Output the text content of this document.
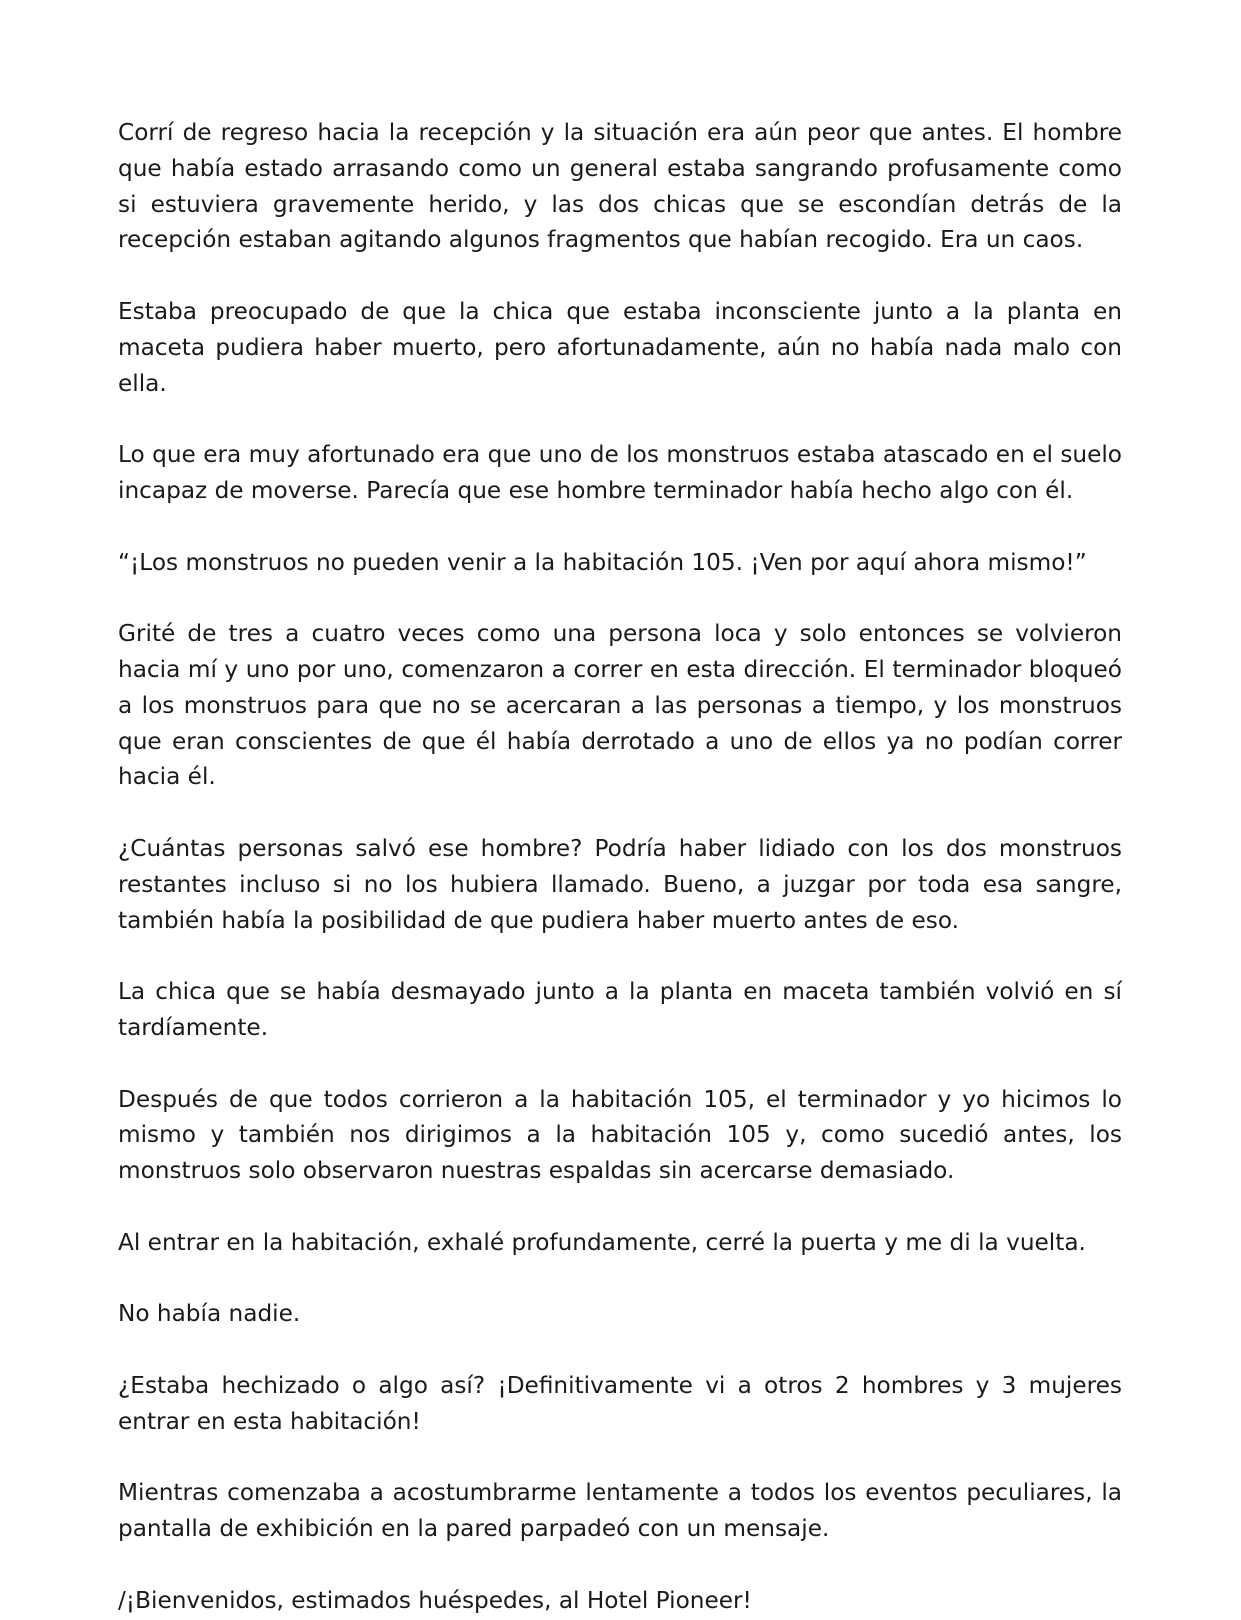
Corrí de regreso hacia la recepción y la situación era aún peor que antes. El hombre que había estado arrasando como un general estaba sangrando profusamente como si estuviera gravemente herido, y las dos chicas que se escondían detrás de la recepción estaban agitando algunos fragmentos que habían recogido. Era un caos.

Estaba preocupado de que la chica que estaba inconsciente junto a la planta en maceta pudiera haber muerto, pero afortunadamente, aún no había nada malo con ella.

Lo que era muy afortunado era que uno de los monstruos estaba atascado en el suelo incapaz de moverse. Parecía que ese hombre terminador había hecho algo con él.

“¡Los monstruos no pueden venir a la habitación 105. ¡Ven por aquí ahora mismo!”

Grité de tres a cuatro veces como una persona loca y solo entonces se volvieron hacia mí y uno por uno, comenzaron a correr en esta dirección. El terminador bloqueó a los monstruos para que no se acercaran a las personas a tiempo, y los monstruos que eran conscientes de que él había derrotado a uno de ellos ya no podían correr hacia él.

¿Cuántas personas salvó ese hombre? Podría haber lidiado con los dos monstruos restantes incluso si no los hubiera llamado. Bueno, a juzgar por toda esa sangre, también había la posibilidad de que pudiera haber muerto antes de eso.

La chica que se había desmayado junto a la planta en maceta también volvió en sí tardíamente.

Después de que todos corrieron a la habitación 105, el terminador y yo hicimos lo mismo y también nos dirigimos a la habitación 105 y, como sucedió antes, los monstruos solo observaron nuestras espaldas sin acercarse demasiado.

Al entrar en la habitación, exhalé profundamente, cerré la puerta y me di la vuelta.

No había nadie.

¿Estaba hechizado o algo así? ¡Definitivamente vi a otros 2 hombres y 3 mujeres entrar en esta habitación!

Mientras comenzaba a acostumbrarme lentamente a todos los eventos peculiares, la pantalla de exhibición en la pared parpadeó con un mensaje.

/¡Bienvenidos, estimados huéspedes, al Hotel Pioneer!
